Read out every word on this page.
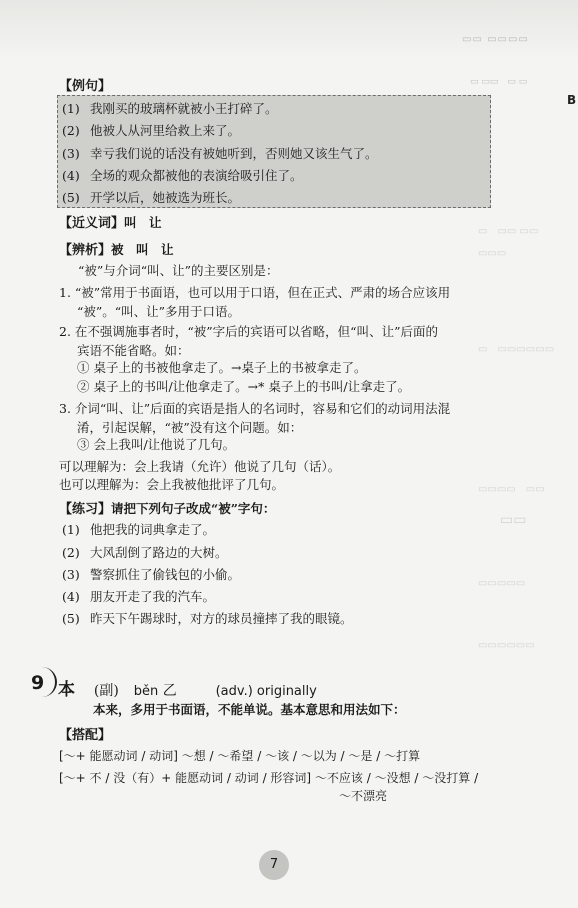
▭▭ ▭▭▭▭
▭ ▭▭　▭ ▭
▭　▭▭ ▭▭
▭▭▭
▭　▭▭▭▭▭▭
▭▭▭▭　▭▭
▭▭
▭▭▭▭▭
▭▭▭▭▭▭
B
【例句】
(1) 我刚买的玻璃杯就被小王打碎了。
(2) 他被人从河里给救上来了。
(3) 幸亏我们说的话没有被她听到，否则她又该生气了。
(4) 全场的观众都被他的表演给吸引住了。
(5) 开学以后，她被选为班长。
【近义词】叫　让
【辨析】被　叫　让
“被”与介词“叫、让”的主要区别是：
1. “被”常用于书面语，也可以用于口语，但在正式、严肃的场合应该用
“被”。“叫、让”多用于口语。
2. 在不强调施事者时，“被”字后的宾语可以省略，但“叫、让”后面的
宾语不能省略。如：
① 桌子上的书被他拿走了。→桌子上的书被拿走了。
② 桌子上的书叫/让他拿走了。→* 桌子上的书叫/让拿走了。
3. 介词“叫、让”后面的宾语是指人的名词时，容易和它们的动词用法混
淆，引起误解，“被”没有这个问题。如：
③ 会上我叫/让他说了几句。
可以理解为：会上我请（允许）他说了几句（话）。
也可以理解为：会上我被他批评了几句。
【练习】请把下列句子改成“被”字句：
(1) 他把我的词典拿走了。
(2) 大风刮倒了路边的大树。
(3) 警察抓住了偷钱包的小偷。
(4) 朋友开走了我的汽车。
(5) 昨天下午踢球时，对方的球员撞摔了我的眼镜。
9 本 (副) běn 乙	(adv.) originally
本来，多用于书面语，不能单说。基本意思和用法如下：
【搭配】
[～+ 能愿动词 / 动词] ～想 / ～希望 / ～该 / ～以为 / ～是 / ～打算
[～+ 不 / 没（有）+ 能愿动词 / 动词 / 形容词] ～不应该 / ～没想 / ～没打算 /
～不漂亮
7
